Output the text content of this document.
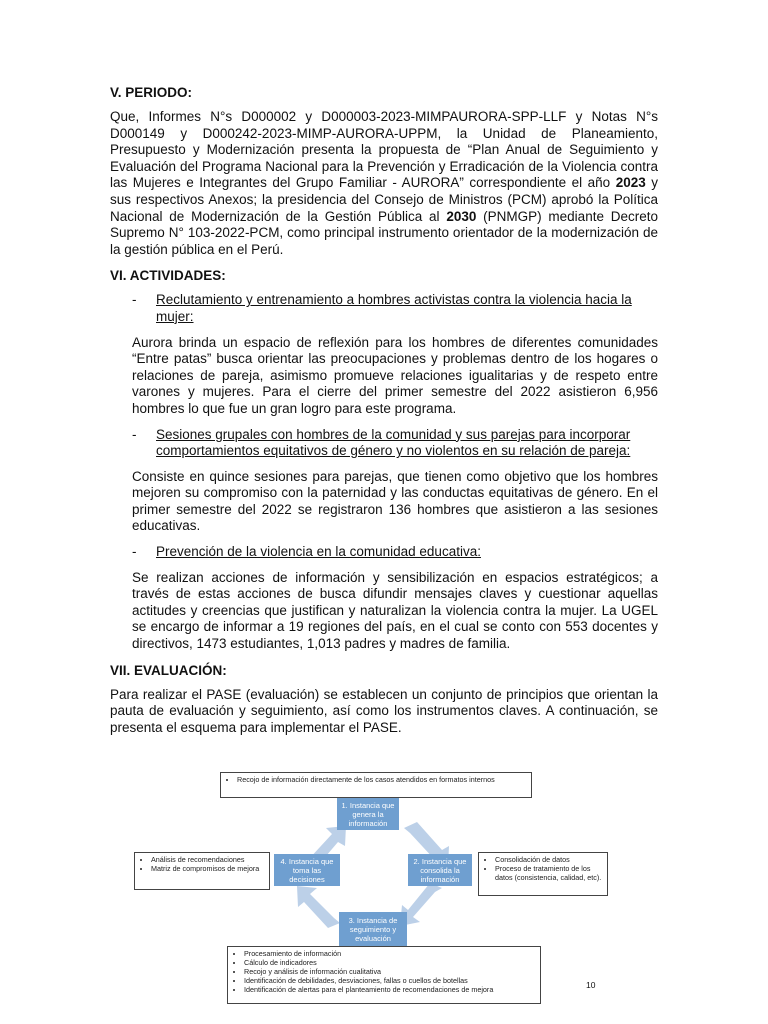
V. PERIODO:
Que, Informes N°s D000002 y D000003-2023-MIMPAURORA-SPP-LLF y Notas N°s D000149 y D000242-2023-MIMP-AURORA-UPPM, la Unidad de Planeamiento, Presupuesto y Modernización presenta la propuesta de “Plan Anual de Seguimiento y Evaluación del Programa Nacional para la Prevención y Erradicación de la Violencia contra las Mujeres e Integrantes del Grupo Familiar - AURORA” correspondiente el año 2023 y sus respectivos Anexos; la presidencia del Consejo de Ministros (PCM) aprobó la Política Nacional de Modernización de la Gestión Pública al 2030 (PNMGP) mediante Decreto Supremo N° 103-2022-PCM, como principal instrumento orientador de la modernización de la gestión pública en el Perú.
VI. ACTIVIDADES:
-	Reclutamiento y entrenamiento a hombres activistas contra la violencia hacia la mujer:
Aurora brinda un espacio de reflexión para los hombres de diferentes comunidades “Entre patas” busca orientar las preocupaciones y problemas dentro de los hogares o relaciones de pareja, asimismo promueve relaciones igualitarias y de respeto entre varones y mujeres. Para el cierre del primer semestre del 2022 asistieron 6,956 hombres lo que fue un gran logro para este programa.
-	Sesiones grupales con hombres de la comunidad y sus parejas para incorporar comportamientos equitativos de género y no violentos en su relación de pareja:
Consiste en quince sesiones para parejas, que tienen como objetivo que los hombres mejoren su compromiso con la paternidad y las conductas equitativas de género. En el primer semestre del 2022 se registraron 136 hombres que asistieron a las sesiones educativas.
-	Prevención de la violencia en la comunidad educativa:
Se realizan acciones de información y sensibilización en espacios estratégicos; a través de estas acciones de busca difundir mensajes claves y cuestionar aquellas actitudes y creencias que justifican y naturalizan la violencia contra la mujer. La UGEL se encargo de informar a 19 regiones del país, en el cual se conto con 553 docentes y directivos, 1473 estudiantes, 1,013 padres y madres de familia.
VII. EVALUACIÓN:
Para realizar el PASE (evaluación) se establecen un conjunto de principios que orientan la pauta de evaluación y seguimiento, así como los instrumentos claves. A continuación, se presenta el esquema para implementar el PASE.
• Recojo de información directamente de los casos atendidos en formatos internos
• Análisis de recomendaciones
• Matriz de compromisos de mejora
• Consolidación de datos
• Proceso de tratamiento de los datos (consistencia, calidad, etc).
• Procesamiento de información
• Cálculo de indicadores
• Recojo y análisis de información cualitativa
• Identificación de debilidades, desviaciones, fallas o cuellos de botellas
• Identificación de alertas para el planteamiento de recomendaciones de mejora
1. Instancia que genera la información
2. Instancia que consolida la información
3. Instancia de seguimiento y evaluación
4. Instancia que toma las decisiones
10
